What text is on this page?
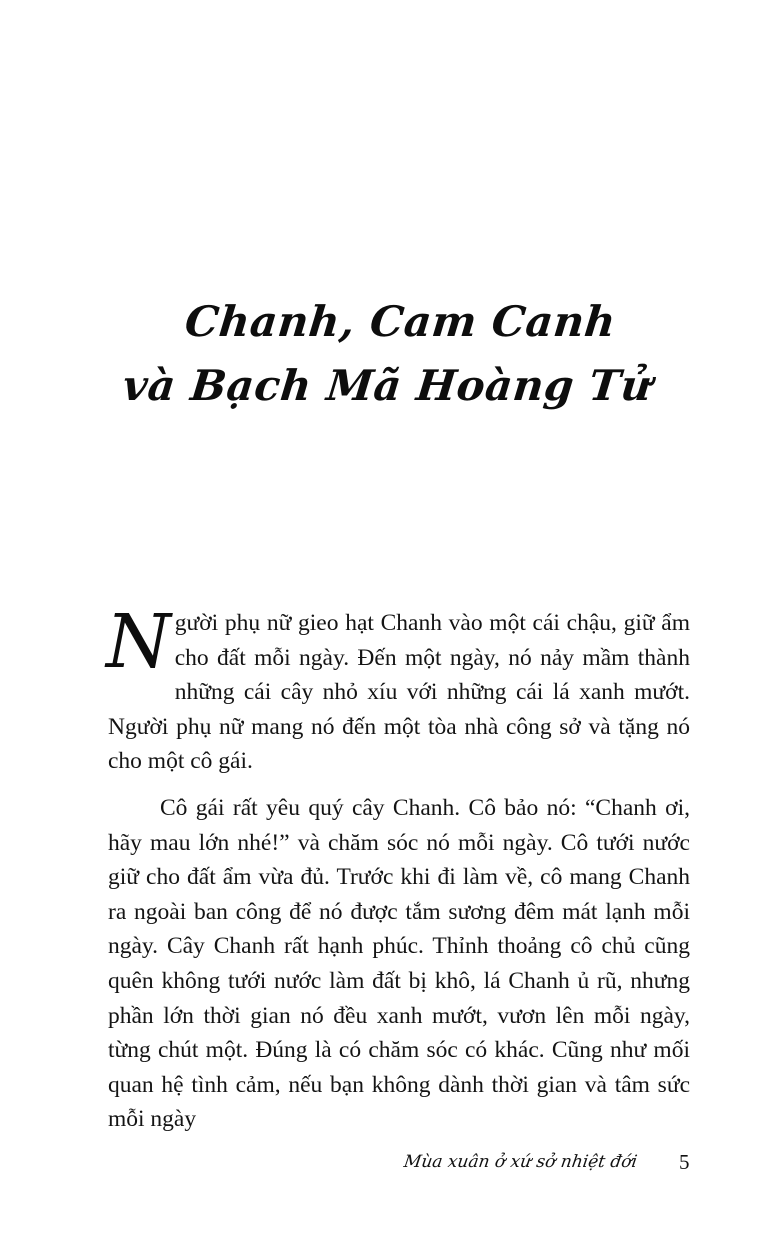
Chanh, Cam Canh
và Bạch Mã Hoàng Tử

Người phụ nữ gieo hạt Chanh vào một cái chậu, giữ ẩm cho đất mỗi ngày. Đến một ngày, nó nảy mầm thành những cái cây nhỏ xíu với những cái lá xanh mướt. Người phụ nữ mang nó đến một tòa nhà công sở và tặng nó cho một cô gái.

Cô gái rất yêu quý cây Chanh. Cô bảo nó: “Chanh ơi, hãy mau lớn nhé!” và chăm sóc nó mỗi ngày. Cô tưới nước giữ cho đất ẩm vừa đủ. Trước khi đi làm về, cô mang Chanh ra ngoài ban công để nó được tắm sương đêm mát lạnh mỗi ngày. Cây Chanh rất hạnh phúc. Thỉnh thoảng cô chủ cũng quên không tưới nước làm đất bị khô, lá Chanh ủ rũ, nhưng phần lớn thời gian nó đều xanh mướt, vươn lên mỗi ngày, từng chút một. Đúng là có chăm sóc có khác. Cũng như mối quan hệ tình cảm, nếu bạn không dành thời gian và tâm sức mỗi ngày

Mùa xuân ở xứ sở nhiệt đới 5
